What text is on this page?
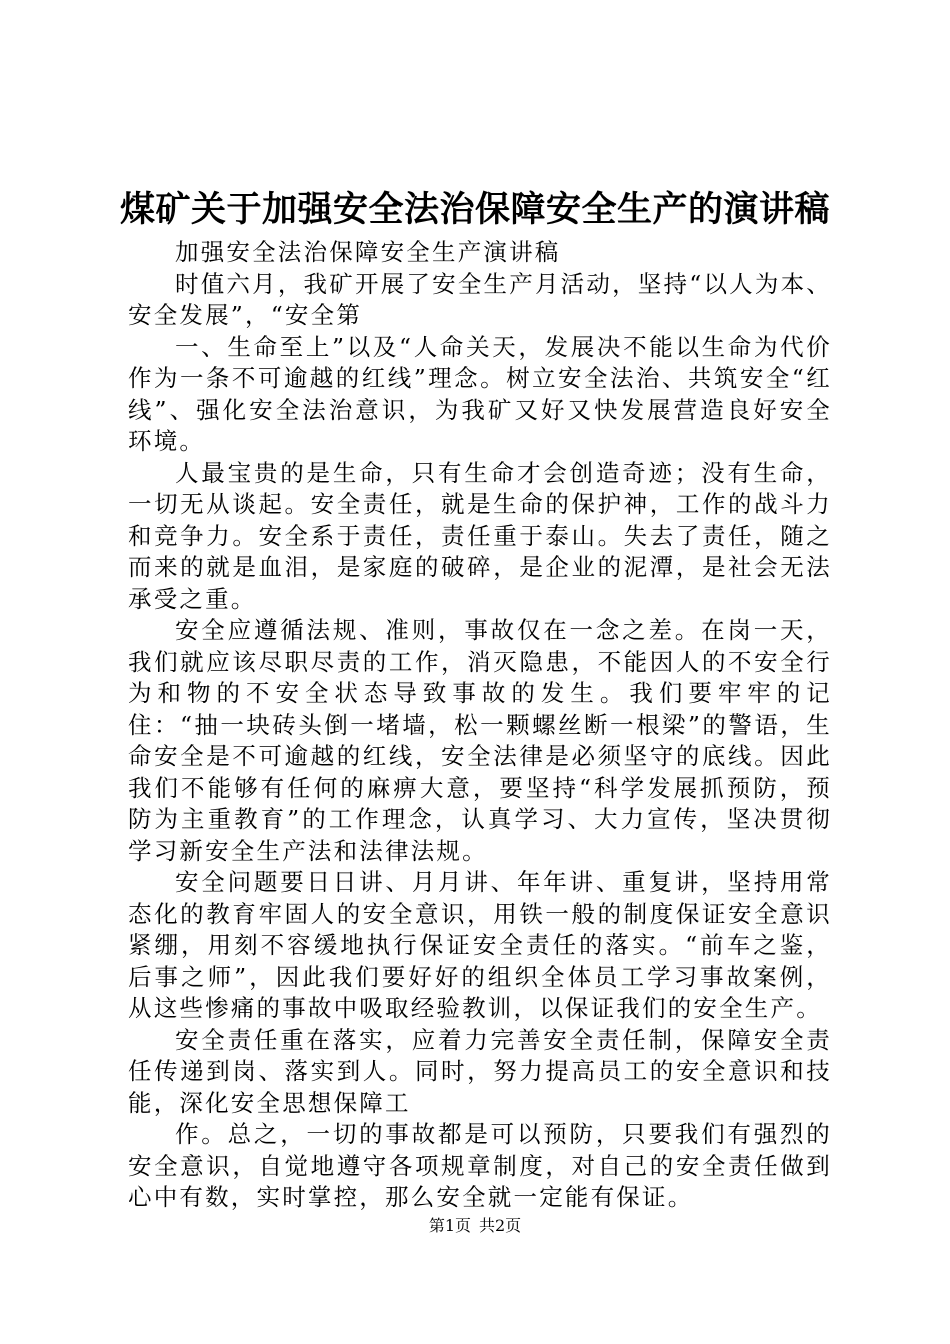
煤矿关于加强安全法治保障安全生产的演讲稿

加强安全法治保障安全生产演讲稿

时值六月，我矿开展了安全生产月活动，坚持“以人为本、安全发展”，“安全第

一、生命至上”以及“人命关天，发展决不能以生命为代价作为一条不可逾越的红线”理念。树立安全法治、共筑安全“红线”、强化安全法治意识，为我矿又好又快发展营造良好安全环境。

人最宝贵的是生命，只有生命才会创造奇迹；没有生命，一切无从谈起。安全责任，就是生命的保护神，工作的战斗力和竞争力。安全系于责任，责任重于泰山。失去了责任，随之而来的就是血泪，是家庭的破碎，是企业的泥潭，是社会无法承受之重。

安全应遵循法规、准则，事故仅在一念之差。在岗一天，我们就应该尽职尽责的工作，消灭隐患，不能因人的不安全行为和物的不安全状态导致事故的发生。我们要牢牢的记住：“抽一块砖头倒一堵墙，松一颗螺丝断一根梁”的警语，生命安全是不可逾越的红线，安全法律是必须坚守的底线。因此我们不能够有任何的麻痹大意，要坚持“科学发展抓预防，预防为主重教育”的工作理念，认真学习、大力宣传，坚决贯彻学习新安全生产法和法律法规。

安全问题要日日讲、月月讲、年年讲、重复讲，坚持用常态化的教育牢固人的安全意识，用铁一般的制度保证安全意识紧绷，用刻不容缓地执行保证安全责任的落实。“前车之鉴，后事之师”，因此我们要好好的组织全体员工学习事故案例，从这些惨痛的事故中吸取经验教训，以保证我们的安全生产。

安全责任重在落实，应着力完善安全责任制，保障安全责任传递到岗、落实到人。同时，努力提高员工的安全意识和技能，深化安全思想保障工

作。总之，一切的事故都是可以预防，只要我们有强烈的安全意识，自觉地遵守各项规章制度，对自己的安全责任做到心中有数，实时掌控，那么安全就一定能有保证。

第1页 共2页
